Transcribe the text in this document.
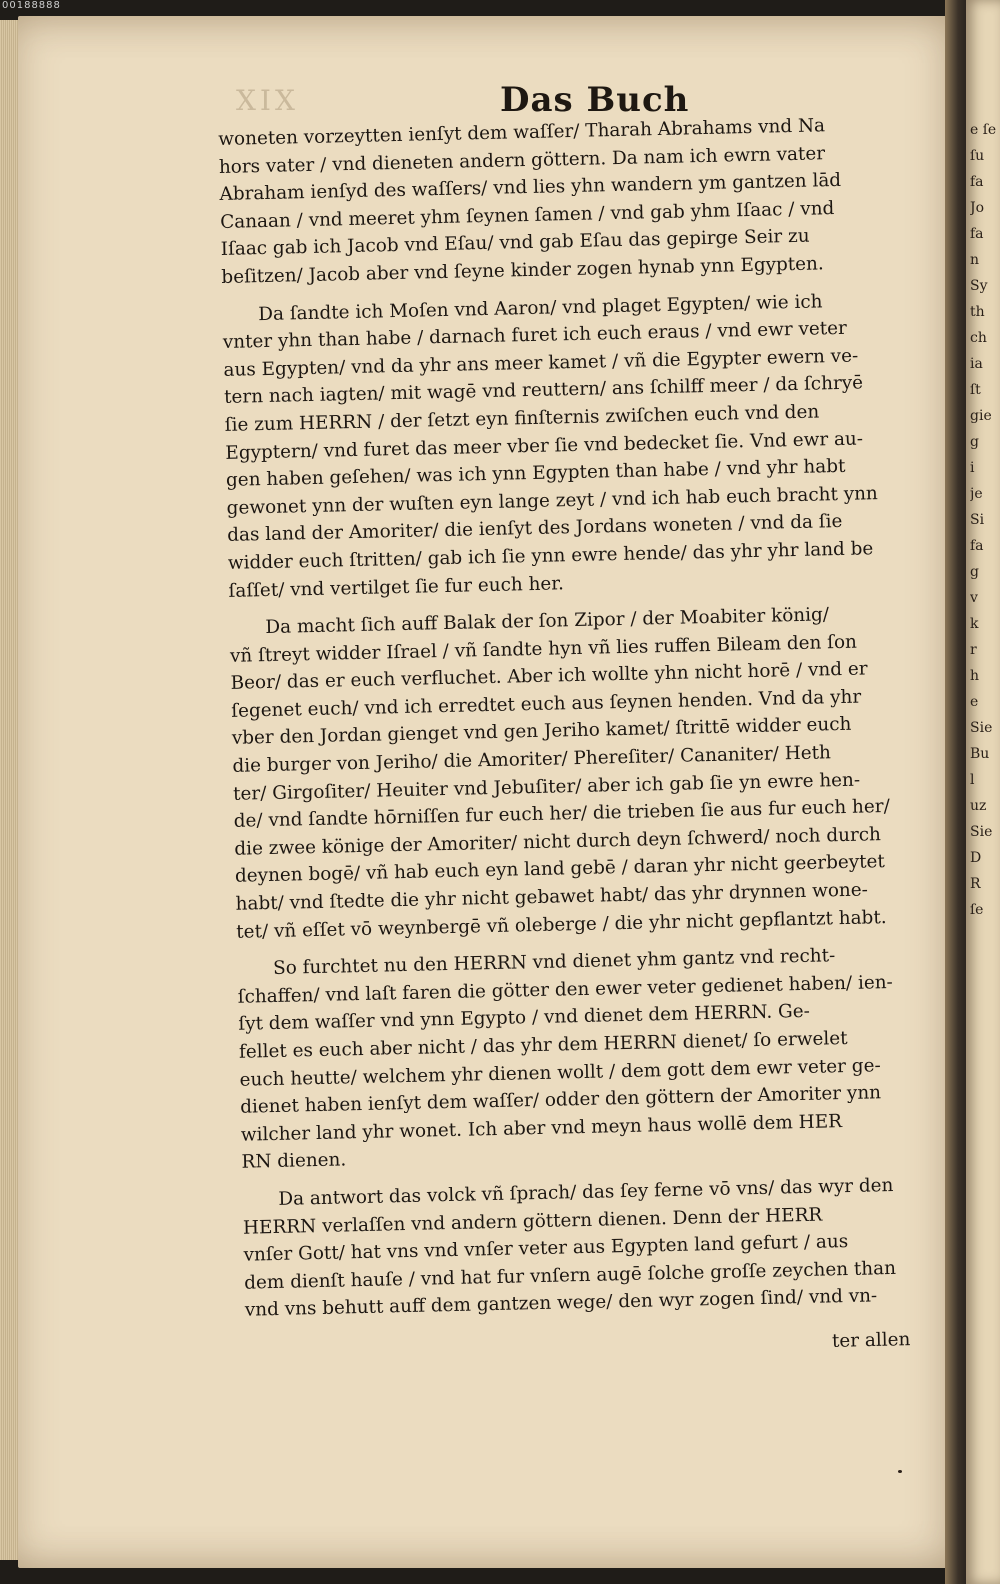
00188888
e ſe
ſu
fa
Jo
fa
n
Sy
th
ch
ia
ſt
gie
g
i
je
Si
fa
g
v
k
r
h
e
Sie
Bu
l
uz
Sie
D
R
ſe
XIX	Das Buch
woneten vorzeytten ienſyt dem waſſer/ Tharah Abrahams vnd Na
hors vater / vnd dieneten andern göttern. Da nam ich ewrn vater
Abraham ienſyd des waſſers/ vnd lies yhn wandern ym gantzen lād
Canaan / vnd meeret yhm ſeynen ſamen / vnd gab yhm Iſaac / vnd
Iſaac gab ich Jacob vnd Eſau/ vnd gab Eſau das gepirge Seir zu
beſitzen/ Jacob aber vnd ſeyne kinder zogen hynab ynn Egypten.
Da ſandte ich Moſen vnd Aaron/ vnd plaget Egypten/ wie ich
vnter yhn than habe / darnach furet ich euch eraus / vnd ewr veter
aus Egypten/ vnd da yhr ans meer kamet / vñ die Egypter ewern ve-
tern nach iagten/ mit wagē vnd reuttern/ ans ſchilff meer / da ſchryē
ſie zum HERRN / der ſetzt eyn finſternis zwiſchen euch vnd den
Egyptern/ vnd furet das meer vber ſie vnd bedecket ſie. Vnd ewr au-
gen haben geſehen/ was ich ynn Egypten than habe / vnd yhr habt
gewonet ynn der wuſten eyn lange zeyt / vnd ich hab euch bracht ynn
das land der Amoriter/ die ienſyt des Jordans woneten / vnd da ſie
widder euch ſtritten/ gab ich ſie ynn ewre hende/ das yhr yhr land be
ſaſſet/ vnd vertilget ſie fur euch her.
Da macht ſich auff Balak der ſon Zipor / der Moabiter könig/
vñ ſtreyt widder Iſrael / vñ ſandte hyn vñ lies ruffen Bileam den ſon
Beor/ das er euch verfluchet. Aber ich wollte yhn nicht horē / vnd er
ſegenet euch/ vnd ich erredtet euch aus ſeynen henden. Vnd da yhr
vber den Jordan gienget vnd gen Jeriho kamet/ ſtrittē widder euch
die burger von Jeriho/ die Amoriter/ Phereſiter/ Cananiter/ Heth
ter/ Girgoſiter/ Heuiter vnd Jebuſiter/ aber ich gab ſie yn ewre hen-
de/ vnd ſandte hōrniſſen fur euch her/ die trieben ſie aus fur euch her/
die zwee könige der Amoriter/ nicht durch deyn ſchwerd/ noch durch
deynen bogē/ vñ hab euch eyn land gebē / daran yhr nicht geerbeytet
habt/ vnd ſtedte die yhr nicht gebawet habt/ das yhr drynnen wone-
tet/ vñ eſſet vō weynbergē vñ oleberge / die yhr nicht gepflantzt habt.
So furchtet nu den HERRN vnd dienet yhm gantz vnd recht-
ſchaffen/ vnd laſt faren die götter den ewer veter gedienet haben/ ien-
ſyt dem waſſer vnd ynn Egypto / vnd dienet dem HERRN. Ge-
fellet es euch aber nicht / das yhr dem HERRN dienet/ ſo erwelet
euch heutte/ welchem yhr dienen wollt / dem gott dem ewr veter ge-
dienet haben ienſyt dem waſſer/ odder den göttern der Amoriter ynn
wilcher land yhr wonet. Ich aber vnd meyn haus wollē dem HER
RN dienen.
Da antwort das volck vñ ſprach/ das ſey ferne vō vns/ das wyr den
HERRN verlaſſen vnd andern göttern dienen. Denn der HERR
vnſer Gott/ hat vns vnd vnſer veter aus Egypten land gefurt / aus
dem dienſt hauſe / vnd hat fur vnſern augē ſolche groſſe zeychen than
vnd vns behutt auff dem gantzen wege/ den wyr zogen ſind/ vnd vn-
ter allen
